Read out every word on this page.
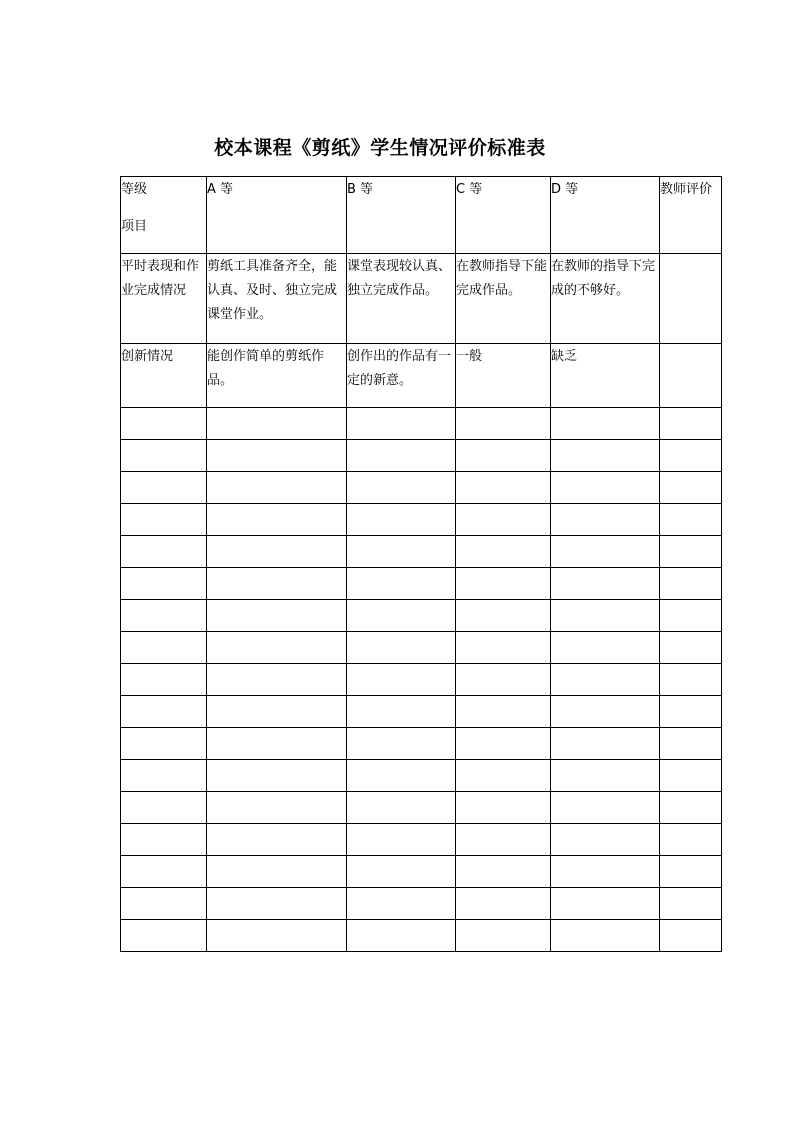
校本课程《剪纸》学生情况评价标准表
等级
项目	A 等	B 等	C 等	D 等	教师评价

平时表现和作业完成情况	剪纸工具准备齐全，能认真、及时、独立完成课堂作业。	课堂表现较认真、独立完成作品。	在教师指导下能完成作品。	在教师的指导下完成的不够好。	

创新情况	能创作简单的剪纸作品。	创作出的作品有一定的新意。	一般	缺乏	
